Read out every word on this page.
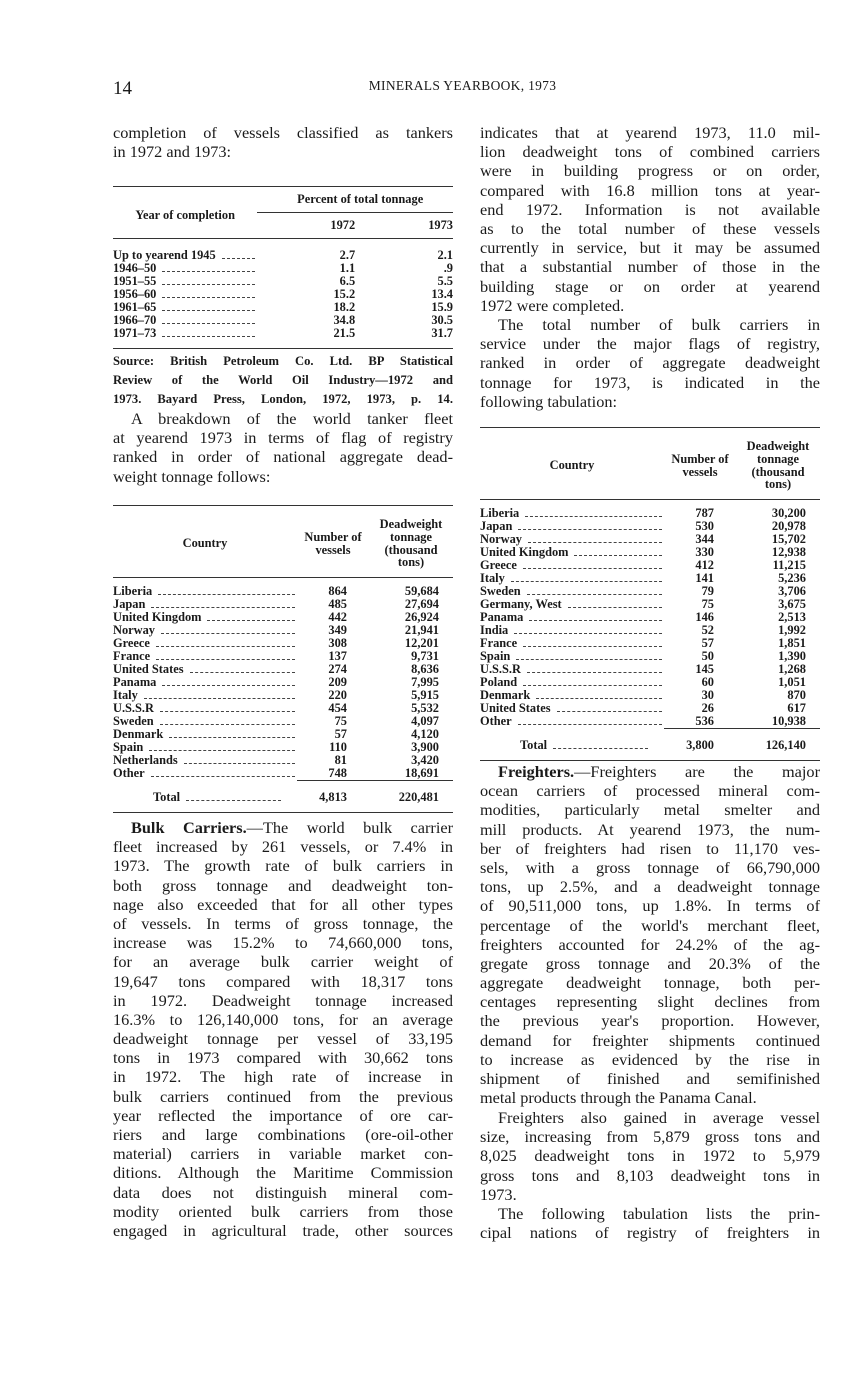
14	MINERALS YEARBOOK, 1973
completion of vessels classified as tankers
in 1972 and 1973:
Year of completion	Percent of total tonnage	
	1972	1973

Up to yearend 1945	2.7	2.1

1946–50	1.1	.9

1951–55	6.5	5.5

1956–60	15.2	13.4

1961–65	18.2	15.9

1966–70	34.8	30.5

1971–73	21.5	31.7
Source: British Petroleum Co. Ltd. BP Statistical
Review of the World Oil Industry—1972 and
1973. Bayard Press, London, 1972, 1973, p. 14.
A breakdown of the world tanker fleet
at yearend 1973 in terms of flag of registry
ranked in order of national aggregate dead-
weight tonnage follows:
Country	Number of vessels	Deadweight tonnage (thousand tons)

Liberia	864	59,684

Japan	485	27,694

United Kingdom	442	26,924

Norway	349	21,941

Greece	308	12,201

France	137	9,731

United States	274	8,636

Panama	209	7,995

Italy	220	5,915

U.S.S.R	454	5,532

Sweden	75	4,097

Denmark	57	4,120

Spain	110	3,900

Netherlands	81	3,420

Other	748	18,691

Total	4,813	220,481

Bulk Carriers.—The world bulk carrier
fleet increased by 261 vessels, or 7.4% in
1973. The growth rate of bulk carriers in
both gross tonnage and deadweight ton-
nage also exceeded that for all other types
of vessels. In terms of gross tonnage, the
increase was 15.2% to 74,660,000 tons,
for an average bulk carrier weight of
19,647 tons compared with 18,317 tons
in 1972. Deadweight tonnage increased
16.3% to 126,140,000 tons, for an average
deadweight tonnage per vessel of 33,195
tons in 1973 compared with 30,662 tons
in 1972. The high rate of increase in
bulk carriers continued from the previous
year reflected the importance of ore car-
riers and large combinations (ore-oil-other
material) carriers in variable market con-
ditions. Although the Maritime Commission
data does not distinguish mineral com-
modity oriented bulk carriers from those
engaged in agricultural trade, other sources
indicates that at yearend 1973, 11.0 mil-
lion deadweight tons of combined carriers
were in building progress or on order,
compared with 16.8 million tons at year-
end 1972. Information is not available
as to the total number of these vessels
currently in service, but it may be assumed
that a substantial number of those in the
building stage or on order at yearend
1972 were completed.
The total number of bulk carriers in
service under the major flags of registry,
ranked in order of aggregate deadweight
tonnage for 1973, is indicated in the
following tabulation:
Country	Number of vessels	Deadweight tonnage (thousand tons)

Liberia	787	30,200

Japan	530	20,978

Norway	344	15,702

United Kingdom	330	12,938

Greece	412	11,215

Italy	141	5,236

Sweden	79	3,706

Germany, West	75	3,675

Panama	146	2,513

India	52	1,992

France	57	1,851

Spain	50	1,390

U.S.S.R	145	1,268

Poland	60	1,051

Denmark	30	870

United States	26	617

Other	536	10,938

Total	3,800	126,140

Freighters.—Freighters are the major
ocean carriers of processed mineral com-
modities, particularly metal smelter and
mill products. At yearend 1973, the num-
ber of freighters had risen to 11,170 ves-
sels, with a gross tonnage of 66,790,000
tons, up 2.5%, and a deadweight tonnage
of 90,511,000 tons, up 1.8%. In terms of
percentage of the world's merchant fleet,
freighters accounted for 24.2% of the ag-
gregate gross tonnage and 20.3% of the
aggregate deadweight tonnage, both per-
centages representing slight declines from
the previous year's proportion. However,
demand for freighter shipments continued
to increase as evidenced by the rise in
shipment of finished and semifinished
metal products through the Panama Canal.
Freighters also gained in average vessel
size, increasing from 5,879 gross tons and
8,025 deadweight tons in 1972 to 5,979
gross tons and 8,103 deadweight tons in
1973.
The following tabulation lists the prin-
cipal nations of registry of freighters in
